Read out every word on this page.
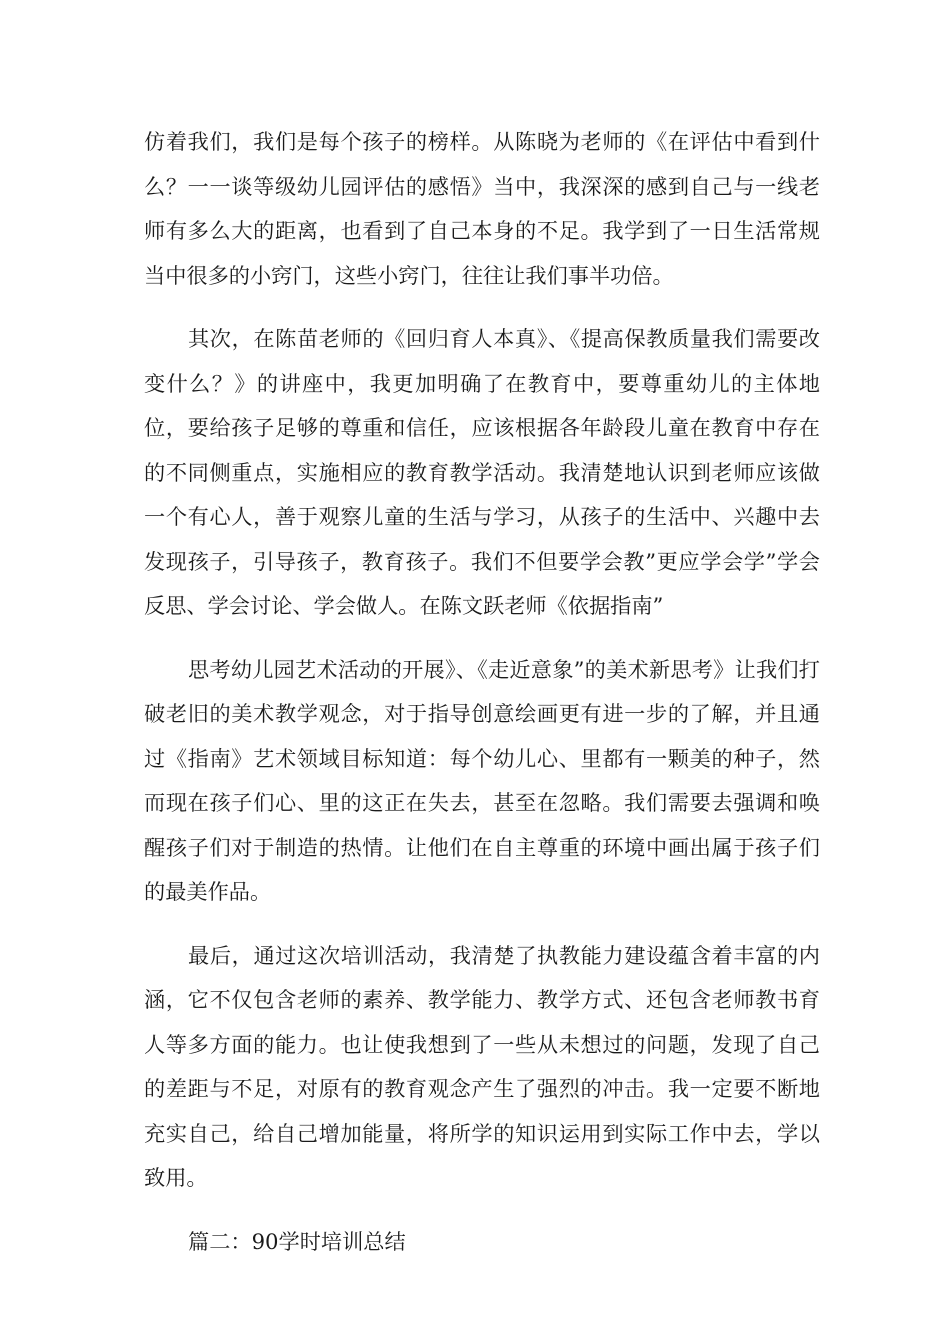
仿着我们，我们是每个孩子的榜样。从陈晓为老师的《在评估中看到什么？一一谈等级幼儿园评估的感悟》当中，我深深的感到自己与一线老师有多么大的距离，也看到了自己本身的不足。我学到了一日生活常规当中很多的小窍门，这些小窍门，往往让我们事半功倍。

其次，在陈苗老师的《回归育人本真》、《提高保教质量我们需要改变什么？》的讲座中，我更加明确了在教育中，要尊重幼儿的主体地位，要给孩子足够的尊重和信任，应该根据各年龄段儿童在教育中存在的不同侧重点，实施相应的教育教学活动。我清楚地认识到老师应该做一个有心人，善于观察儿童的生活与学习，从孩子的生活中、兴趣中去发现孩子，引导孩子，教育孩子。我们不但要学会教”更应学会学”学会反思、学会讨论、学会做人。在陈文跃老师《依据指南”

思考幼儿园艺术活动的开展》、《走近意象”的美术新思考》让我们打破老旧的美术教学观念，对于指导创意绘画更有进一步的了解，并且通过《指南》艺术领域目标知道：每个幼儿心、里都有一颗美的种子，然而现在孩子们心、里的这正在失去，甚至在忽略。我们需要去强调和唤醒孩子们对于制造的热情。让他们在自主尊重的环境中画出属于孩子们的最美作品。

最后，通过这次培训活动，我清楚了执教能力建设蕴含着丰富的内涵，它不仅包含老师的素养、教学能力、教学方式、还包含老师教书育人等多方面的能力。也让使我想到了一些从未想过的问题，发现了自己的差距与不足，对原有的教育观念产生了强烈的冲击。我一定要不断地充实自己，给自己增加能量，将所学的知识运用到实际工作中去，学以致用。

篇二：90学时培训总结
